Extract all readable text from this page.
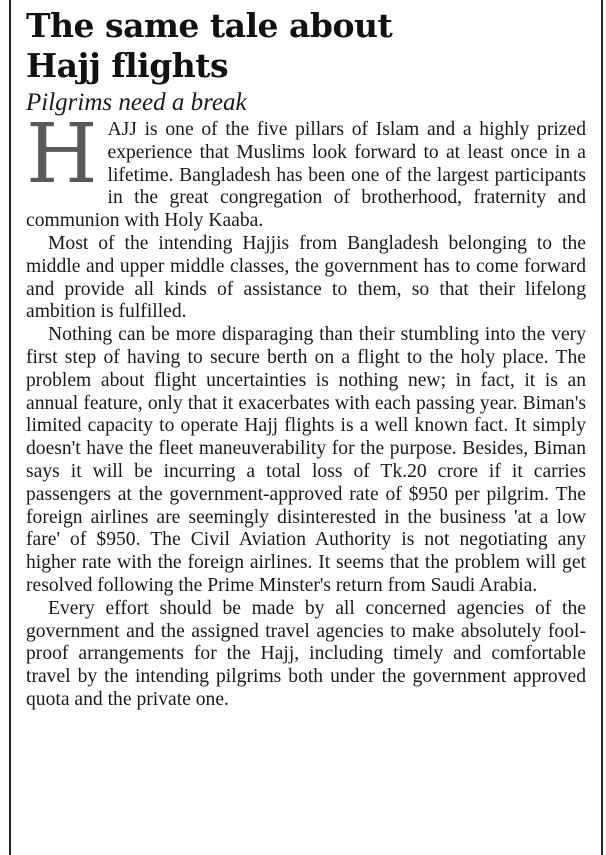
The same tale about
Hajj flights
Pilgrims need a break

HAJJ is one of the five pillars of Islam and a highly prized experience that Muslims look forward to at least once in a lifetime. Bangladesh has been one of the largest participants in the great congregation of brotherhood, fraternity and communion with Holy Kaaba.

Most of the intending Hajjis from Bangladesh belonging to the middle and upper middle classes, the government has to come forward and provide all kinds of assistance to them, so that their lifelong ambition is fulfilled.

Nothing can be more disparaging than their stumbling into the very first step of having to secure berth on a flight to the holy place. The problem about flight uncertainties is nothing new; in fact, it is an annual feature, only that it exacerbates with each passing year. Biman's limited capacity to operate Hajj flights is a well known fact. It simply doesn't have the fleet maneuverability for the purpose. Besides, Biman says it will be incurring a total loss of Tk.20 crore if it carries passengers at the government-approved rate of $950 per pilgrim. The foreign airlines are seemingly disinterested in the business 'at a low fare' of $950. The Civil Aviation Authority is not negotiating any higher rate with the foreign airlines. It seems that the problem will get resolved following the Prime Minster's return from Saudi Arabia.

Every effort should be made by all concerned agencies of the government and the assigned travel agencies to make absolutely fool-proof arrangements for the Hajj, including timely and comfortable travel by the intending pilgrims both under the government approved quota and the private one.
